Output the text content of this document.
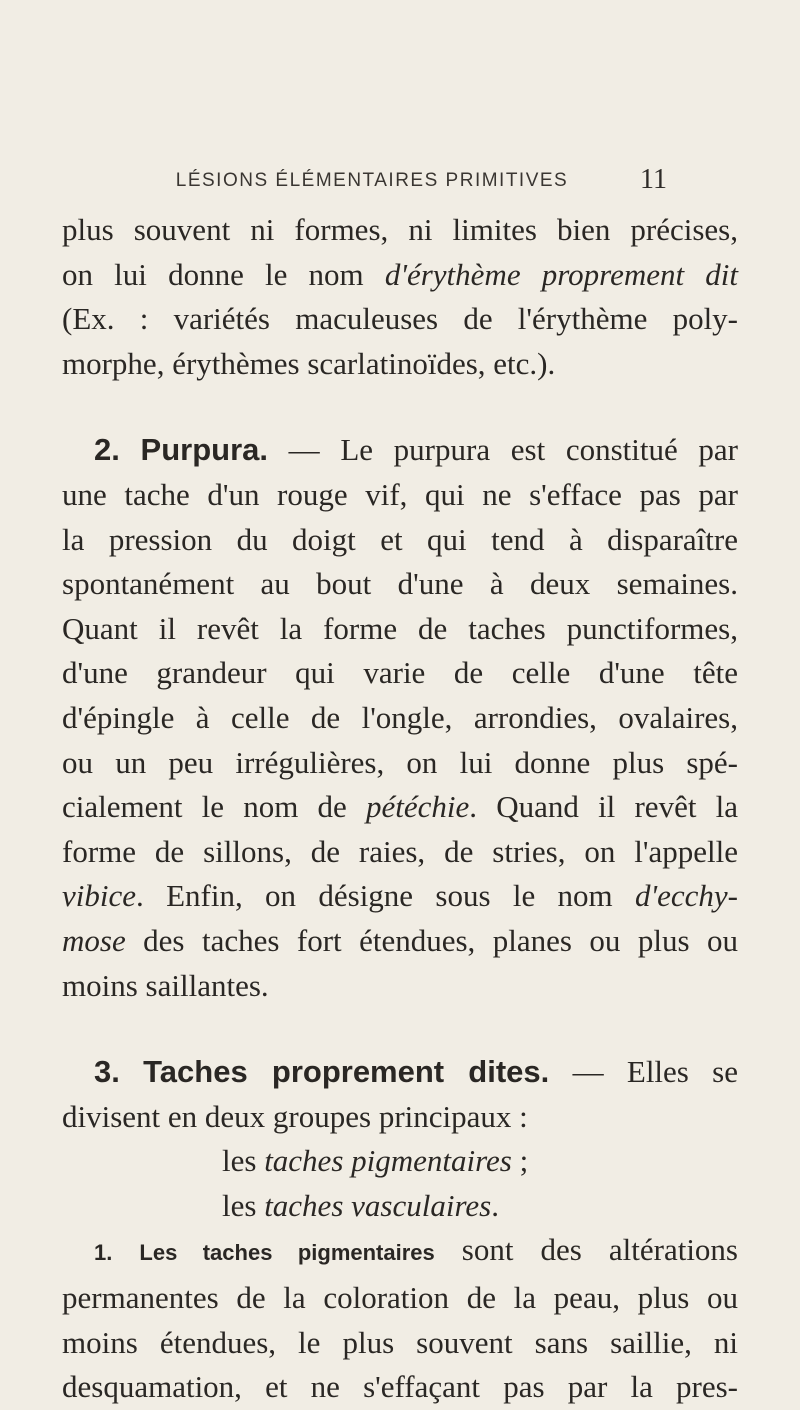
LÉSIONS ÉLÉMENTAIRES PRIMITIVES	11

plus souvent ni formes, ni limites bien précises,
on lui donne le nom d'érythème proprement dit
(Ex. : variétés maculeuses de l'érythème poly-
morphe, érythèmes scarlatinoïdes, etc.).

2. Purpura. — Le purpura est constitué par
une tache d'un rouge vif, qui ne s'efface pas par
la pression du doigt et qui tend à disparaître
spontanément au bout d'une à deux semaines.
Quant il revêt la forme de taches punctiformes,
d'une grandeur qui varie de celle d'une tête
d'épingle à celle de l'ongle, arrondies, ovalaires,
ou un peu irrégulières, on lui donne plus spé-
cialement le nom de pétéchie. Quand il revêt la
forme de sillons, de raies, de stries, on l'appelle
vibice. Enfin, on désigne sous le nom d'ecchy-
mose des taches fort étendues, planes ou plus ou
moins saillantes.

3. Taches proprement dites. — Elles se
divisent en deux groupes principaux :

les taches pigmentaires ;
les taches vasculaires.

1. Les taches pigmentaires sont des altérations
permanentes de la coloration de la peau, plus ou
moins étendues, le plus souvent sans saillie, ni
desquamation, et ne s'effaçant pas par la pres-
